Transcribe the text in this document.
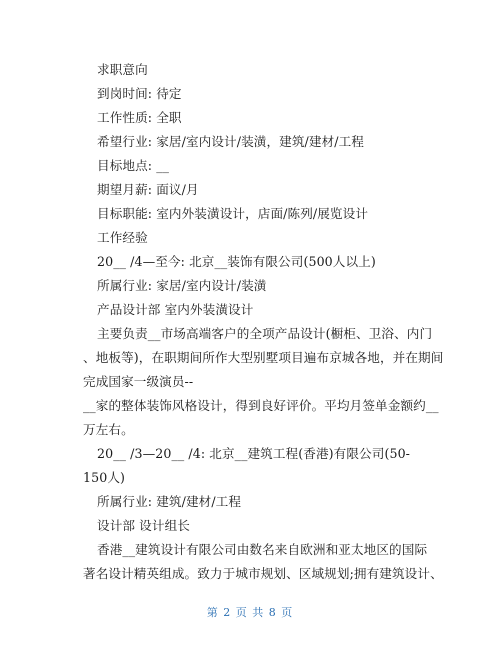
求职意向
到岗时间: 待定
工作性质: 全职
希望行业: 家居/室内设计/装潢，建筑/建材/工程
目标地点: __
期望月薪: 面议/月
目标职能: 室内外装潢设计，店面/陈列/展览设计
工作经验
20__ /4—至今: 北京__装饰有限公司(500人以上)
所属行业: 家居/室内设计/装潢
产品设计部 室内外装潢设计
主要负责__市场高端客户的全项产品设计(橱柜、卫浴、内门
、地板等)，在职期间所作大型别墅项目遍布京城各地，并在期间
完成国家一级演员--
__家的整体装饰风格设计，得到良好评价。平均月签单金额约__
万左右。
20__ /3—20__ /4: 北京__建筑工程(香港)有限公司(50-
150人)
所属行业: 建筑/建材/工程
设计部 设计组长
香港__建筑设计有限公司由数名来自欧洲和亚太地区的国际
著名设计精英组成。致力于城市规划、区域规划;拥有建筑设计、
第 2 页 共 8 页
